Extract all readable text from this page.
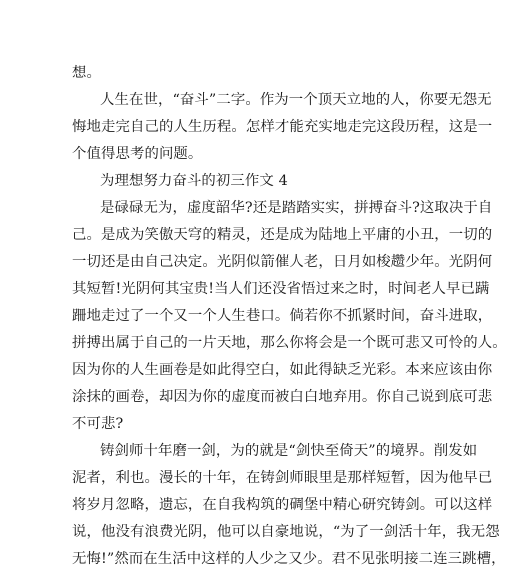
想。
人生在世，“奋斗”二字。作为一个顶天立地的人，你要无怨无
悔地走完自己的人生历程。怎样才能充实地走完这段历程，这是一
个值得思考的问题。
为理想努力奋斗的初三作文 4
是碌碌无为，虚度韶华?还是踏踏实实，拼搏奋斗?这取决于自
己。是成为笑傲天穹的精灵，还是成为陆地上平庸的小丑，一切的
一切还是由自己决定。光阴似箭催人老，日月如梭趱少年。光阴何
其短暂!光阴何其宝贵!当人们还没省悟过来之时，时间老人早已蹒
跚地走过了一个又一个人生巷口。倘若你不抓紧时间，奋斗进取，
拼搏出属于自己的一片天地，那么你将会是一个既可悲又可怜的人。
因为你的人生画卷是如此得空白，如此得缺乏光彩。本来应该由你
涂抹的画卷，却因为你的虚度而被白白地弃用。你自己说到底可悲
不可悲?
铸剑师十年磨一剑，为的就是“剑快至倚天”的境界。削发如
泥者，利也。漫长的十年，在铸剑师眼里是那样短暂，因为他早已
将岁月忽略，遗忘，在自我构筑的碉堡中精心研究铸剑。可以这样
说，他没有浪费光阴，他可以自豪地说，“为了一剑活十年，我无怨
无悔!”然而在生活中这样的人少之又少。君不见张明接二连三跳槽，
